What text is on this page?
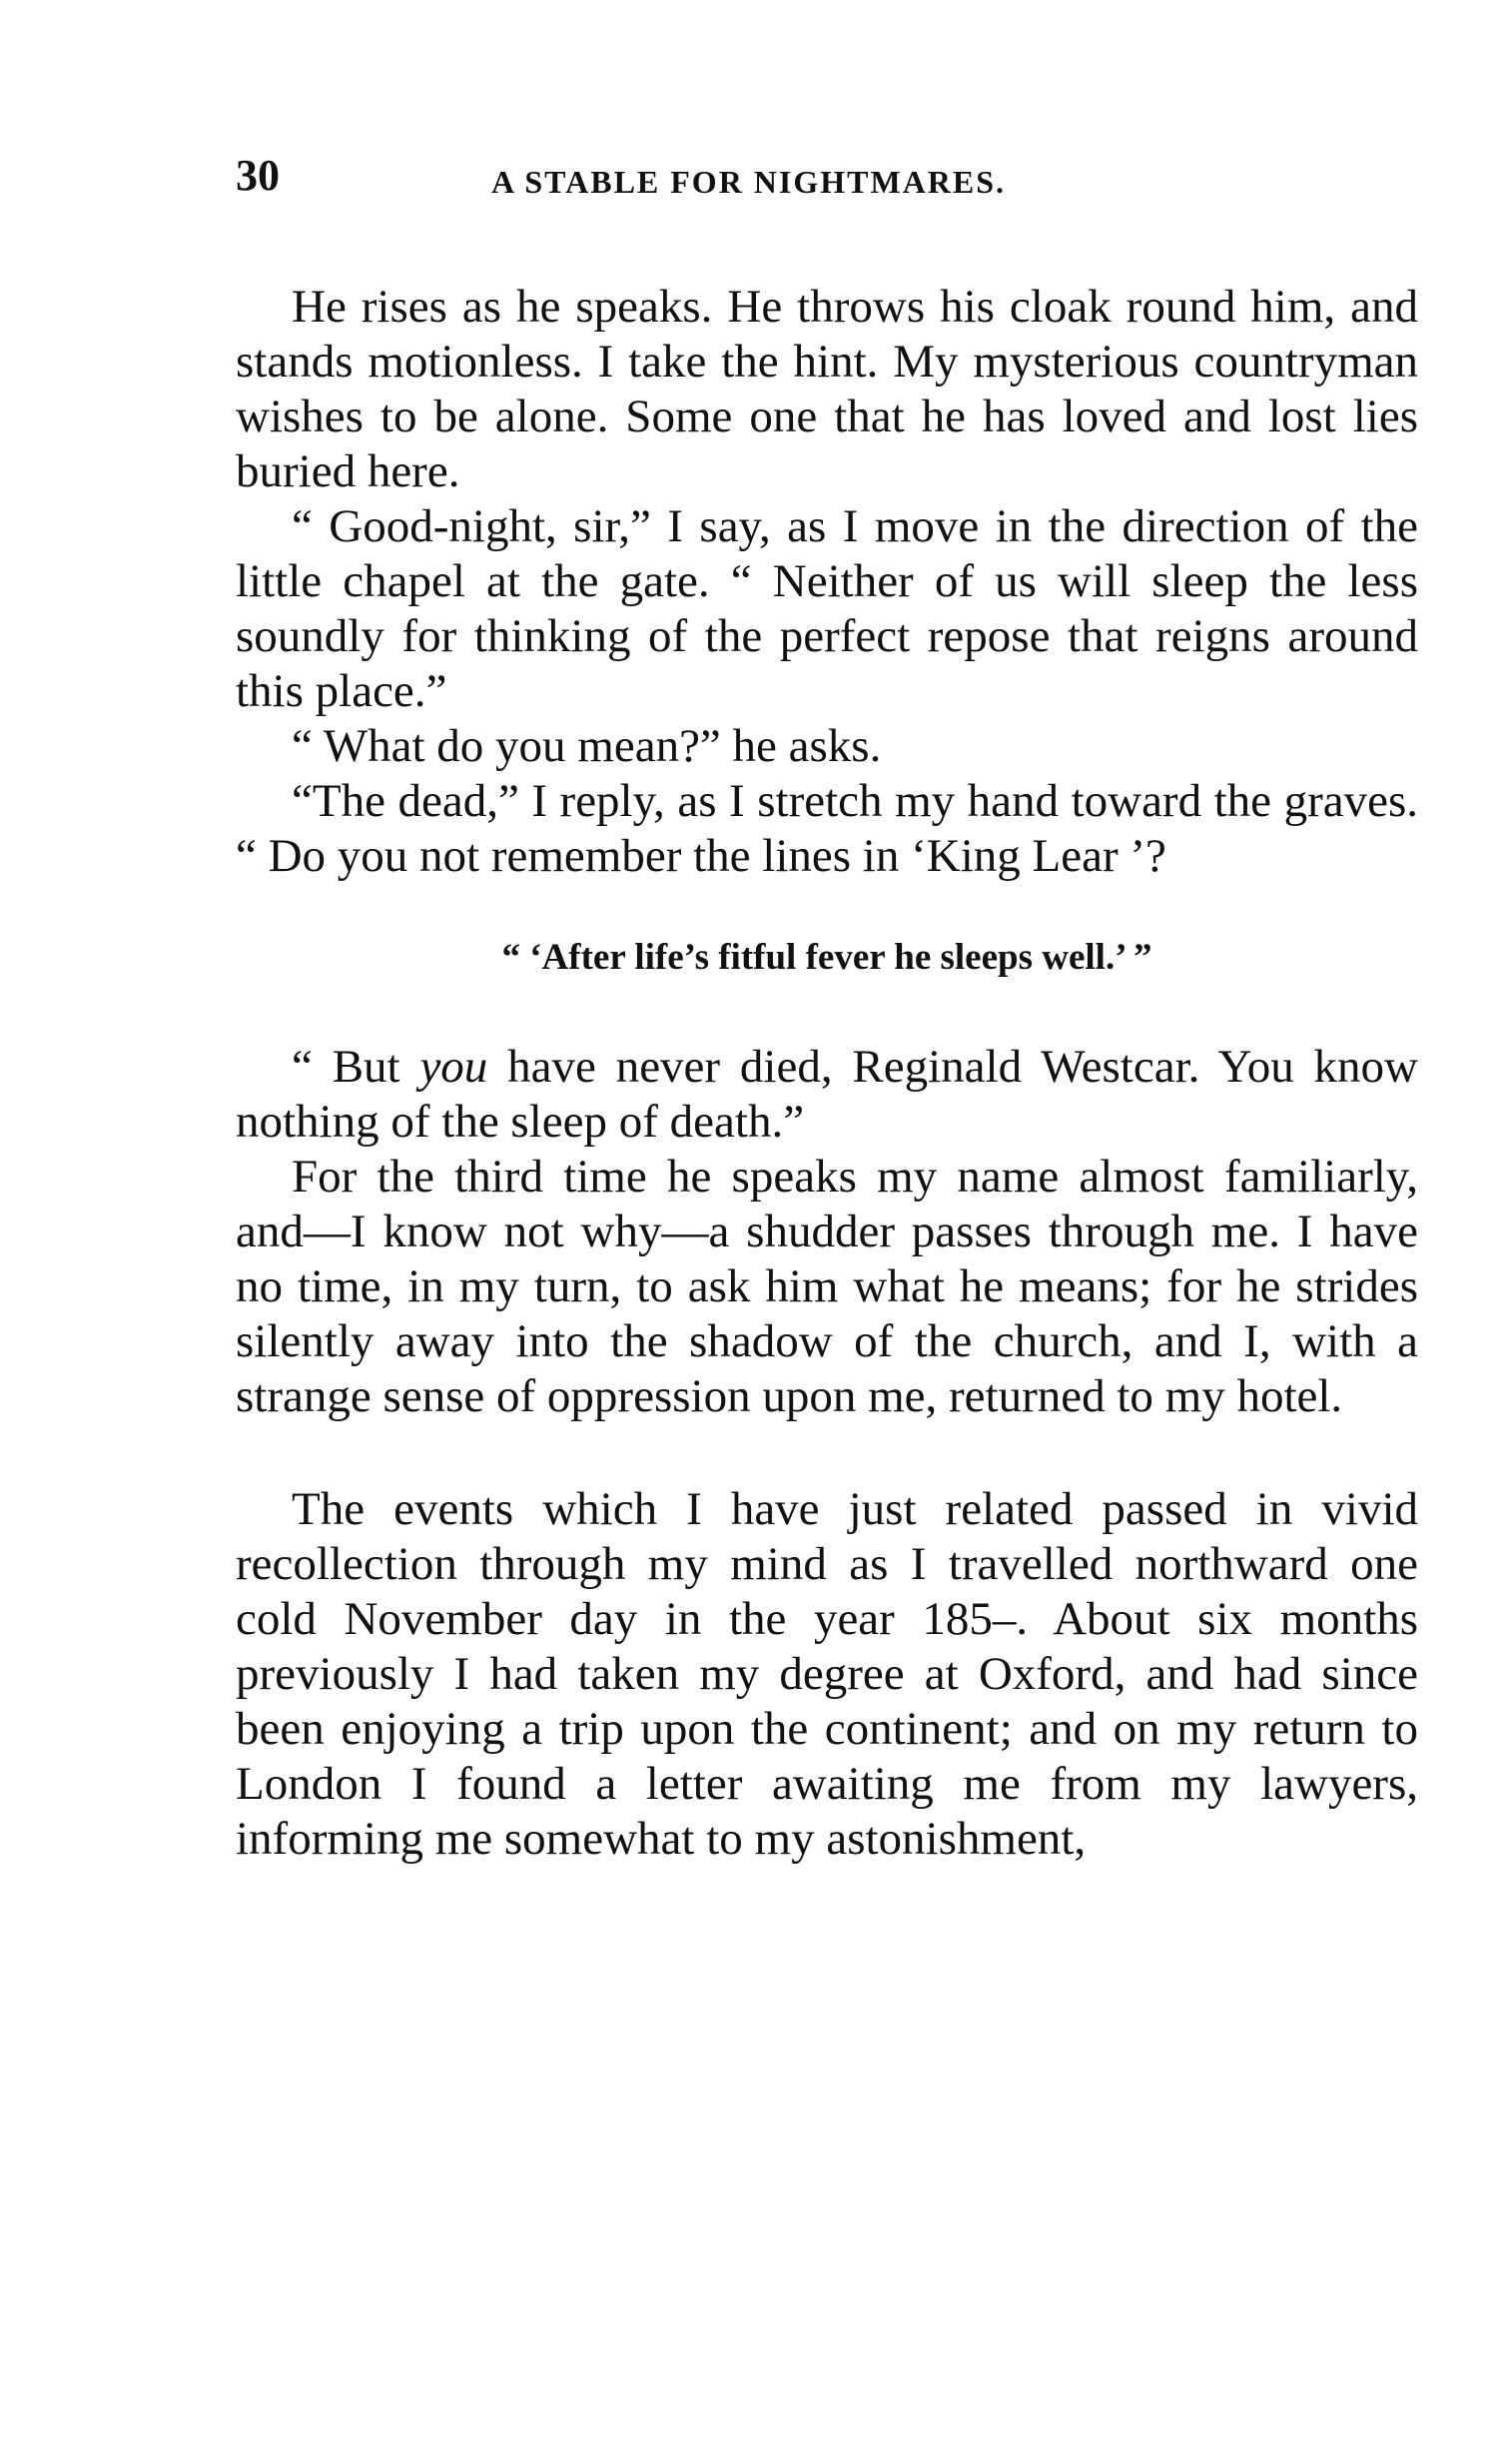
30	A STABLE FOR NIGHTMARES.

He rises as he speaks. He throws his cloak round him, and stands motionless. I take the hint. My mysterious countryman wishes to be alone. Some one that he has loved and lost lies buried here.

“ Good-night, sir,” I say, as I move in the direction of the little chapel at the gate. “ Neither of us will sleep the less soundly for thinking of the perfect repose that reigns around this place.”

“ What do you mean?” he asks.

“The dead,” I reply, as I stretch my hand toward the graves. “ Do you not remember the lines in ‘King Lear ’?

“ ‘After life’s fitful fever he sleeps well.’ ”

“ But you have never died, Reginald Westcar. You know nothing of the sleep of death.”

For the third time he speaks my name almost familiarly, and—I know not why—a shudder passes through me. I have no time, in my turn, to ask him what he means; for he strides silently away into the shadow of the church, and I, with a strange sense of oppression upon me, returned to my hotel.

The events which I have just related passed in vivid recollection through my mind as I travelled northward one cold November day in the year 185–. About six months previously I had taken my degree at Oxford, and had since been enjoying a trip upon the continent; and on my return to London I found a letter awaiting me from my lawyers, informing me somewhat to my astonishment,
